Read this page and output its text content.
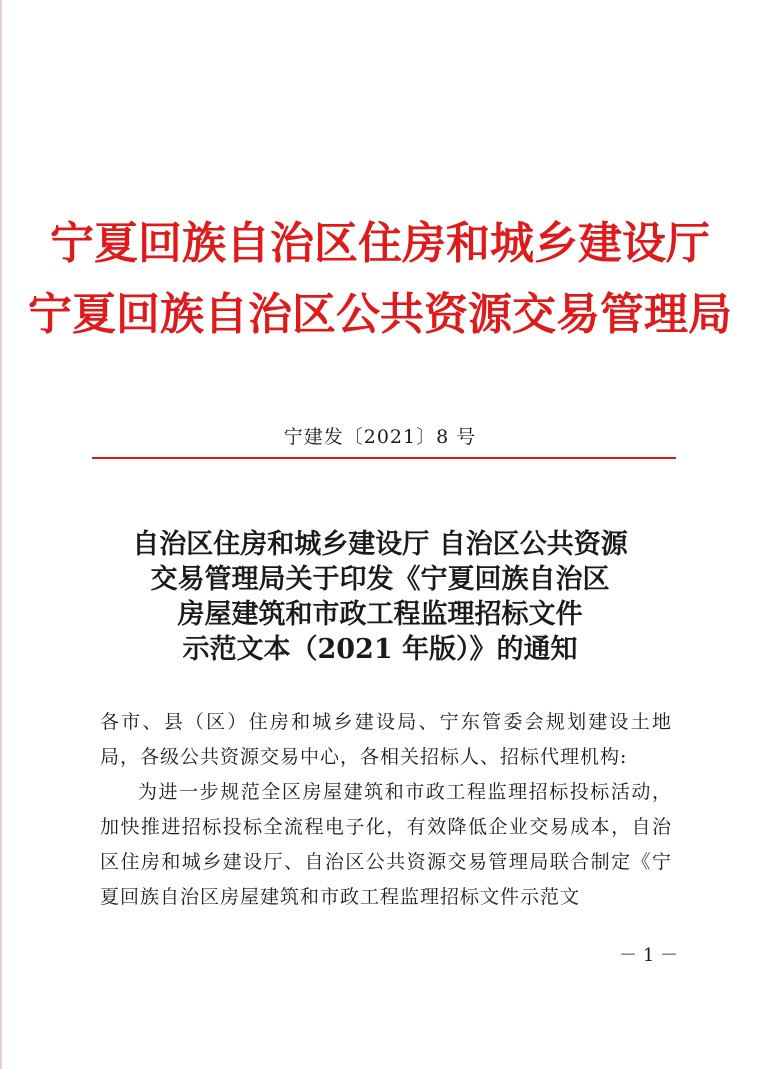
宁夏回族自治区住房和城乡建设厅
宁夏回族自治区公共资源交易管理局
宁建发〔2021〕8 号
自治区住房和城乡建设厅 自治区公共资源
交易管理局关于印发《宁夏回族自治区
房屋建筑和市政工程监理招标文件
示范文本（2021 年版）》的通知

各市、县（区）住房和城乡建设局、宁东管委会规划建设土地局，各级公共资源交易中心，各相关招标人、招标代理机构:

为进一步规范全区房屋建筑和市政工程监理招标投标活动，加快推进招标投标全流程电子化，有效降低企业交易成本，自治区住房和城乡建设厅、自治区公共资源交易管理局联合制定《宁夏回族自治区房屋建筑和市政工程监理招标文件示范文

－ 1 －
